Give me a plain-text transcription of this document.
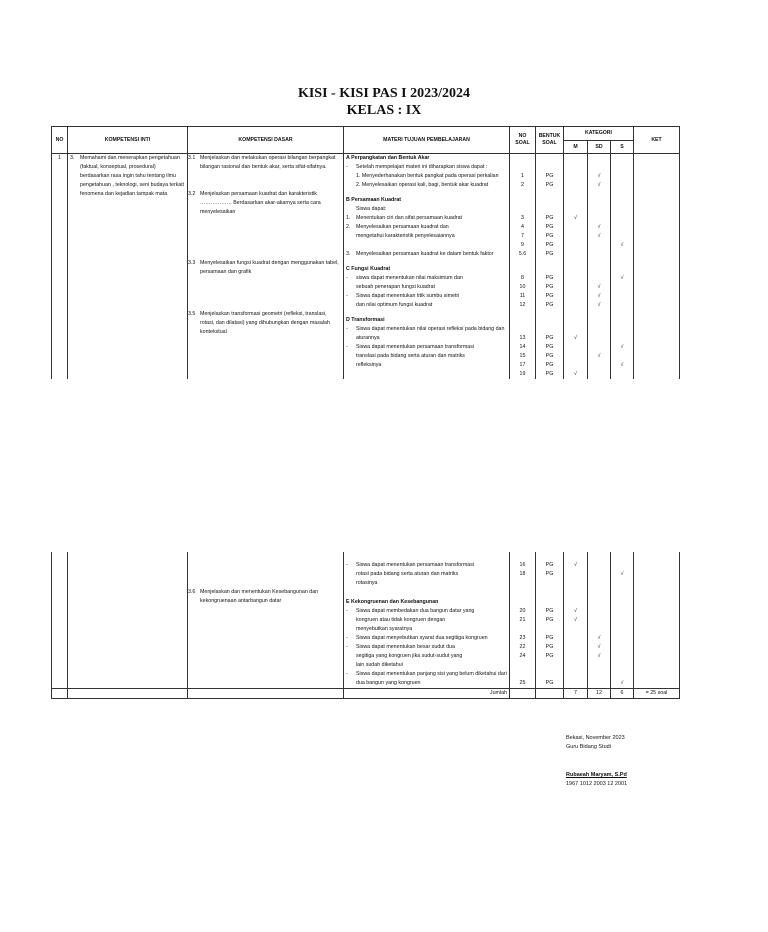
KISI - KISI PAS I 2023/2024
KELAS : IX
NO	KOMPETENSI INTI	KOMPETENSI DASAR	MATERI TUJUAN PEMBELAJARAN	NO SOAL	BENTUK SOAL	KATEGORI			KET
						M	SD	S	
1	3. Memahami dan menerapkan pengetahuan (faktual, konseptual, prosedural) berdasarkan rasa ingin tahu tentang ilmu pengetahuan , teknologi, seni budaya terkait fenomena dan kejadian tampak mata	3.1 Menjelaskan dan melakukan operasi bilangan berpangkat bilangan rasional dan bentuk akar, serta sifat-sifatnya.	A Perpangkatan dan Bentuk Akar						

			- Setelah mempelajari materi ini diharapkan siswa dapat :						

			1. Menyederhanakan bentuk pangkat pada operasi perkalian	1	PG		√		

			2. Menyelesaikan operasi kali, bagi, bentuk akar kuadrat	2	PG		√		

		3.2 Menjelaskan persamaan kuadrat dan karakteristik ……………… Berdasarkan akar-akarnya serta cara menyelesaikan	B Persamaan Kuadrat						

			Siswa dapat:						

			1. Menentukan ciri dan sifat persamaan kuadrat	3	PG	√			

			2. Menyelesaikan persamaan kuadrat dan	4	PG		√		

			mengetahui karakteristik penyelesaiannya	7	PG		√		

				9	PG			√	

			3. Menyelesaikan persamaan kuadrat ke dalam bentuk faktor	5.6	PG				

		3.3 Menyelesaikan fungsi kuadrat dengan menggunakan tabel, persamaan dan grafik	C Fungsi Kuadrat						

			- siswa dapat menentukan nilai maksimum dan	8	PG			√	

			sebuah penerapan fungsi kuadrat	10	PG		√		

			- Siswa dapat menentukan titik sumbu simetri	11	PG		√		

			dan nilai optimum fungsi kuadrat	12	PG		√		

		3.5 Menjelaskan transformasi geometri (refleksi, translasi, rotasi, dan dilatasi) yang dihubungkan dengan masalah kontekstual	D Transformasi						

			- Siswa dapat menentukan nilai operasi refleksi pada bidang dan aturannya	13	PG	√			

			- Siswa dapat menentukan persamaan transformasi	14	PG			√	

			translasi pada bidang serta aturan dan matriks	15	PG		√		

			refleksinya	17	PG			√	

				19	PG	√			

			- Siswa dapat menentukan persamaan transformasi	16	PG	√			

			rotasi pada bidang serta aturan dan matriks	18	PG			√	

			rotasinya						

		3.6 Menjelaskan dan menentukan Kesebangunan dan kekongruenaan antarbangun datar	E Kekongruenan dan Kesebangunan						

			- Siswa dapat membedakan dua bangun datar yang	20	PG	√			

			kongruen atau tidak kongruen dengan	21	PG	√			

			menyebutkan syaratnya						

			- Siswa dapat menyebutkan syarat dua segitiga kongruen	23	PG		√		

			- Siswa dapat menentukan besar sudut dua	22	PG		√		

			segitiga yang kongruen jika sudut-sudut yang	24	PG		√		

			lain sudah diketahui						

			- Siswa dapat menentukan panjang sisi yang belum diketahui dari dua bangun yang kongruen	25	PG			√	
			Jumlah			7	12	6	= 25 soal
Bekasi, November 2023
Guru Bidang Studi
Rubaeah Maryam, S.Pd
1967 1012 2003 12 2001
